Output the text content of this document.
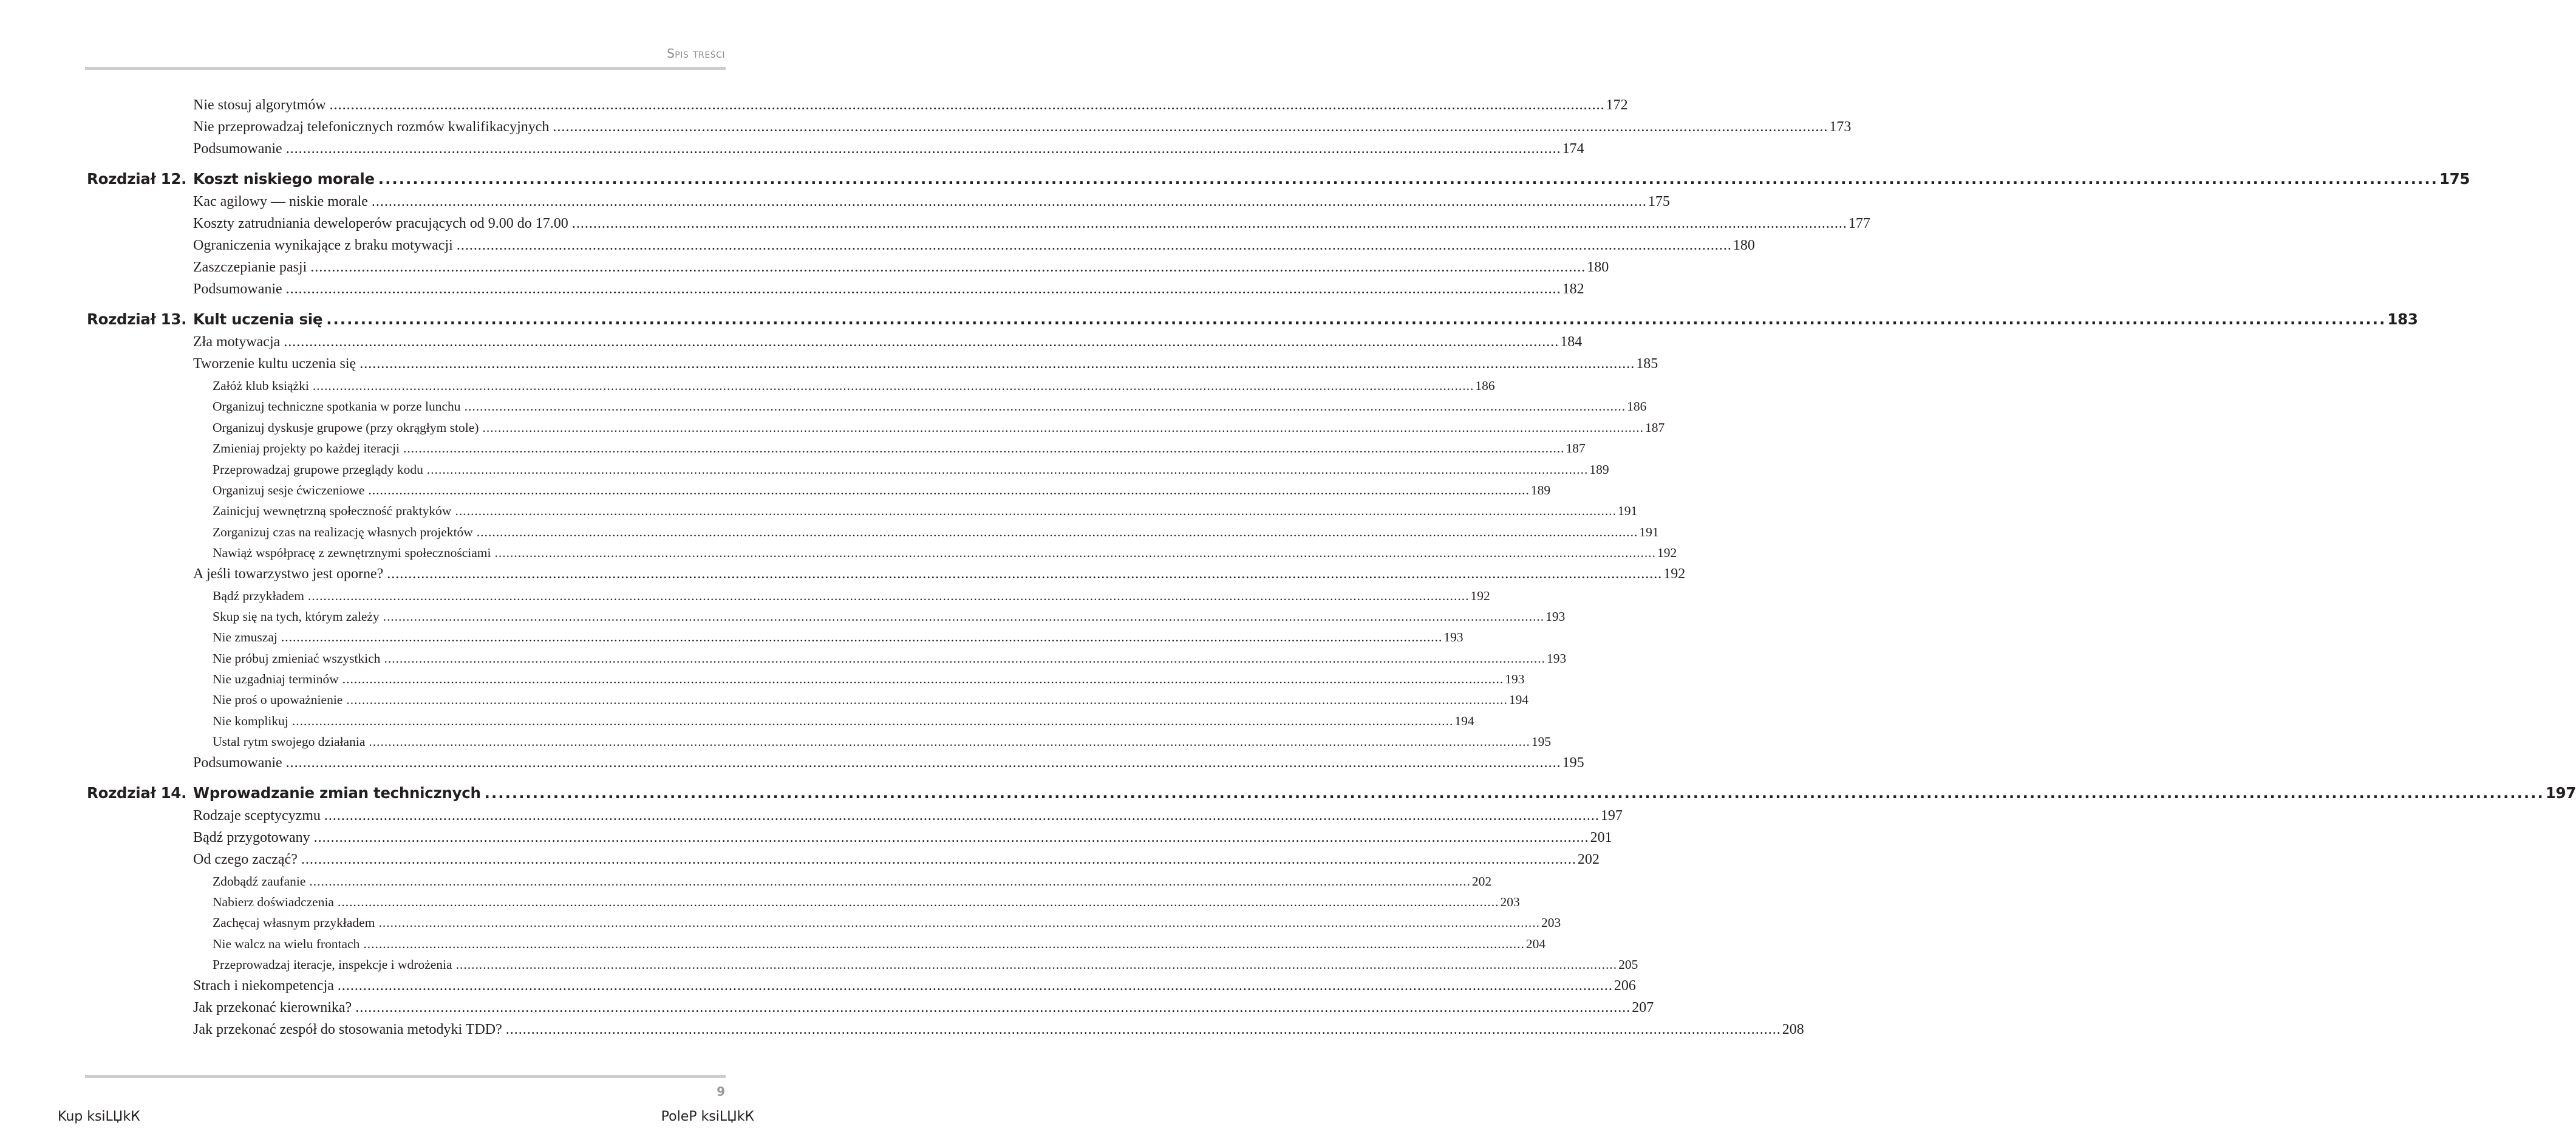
Spis treści
Nie stosuj algorytmów ............................................................................................................................................................................................................................................................................................................ 172
Nie przeprowadzaj telefonicznych rozmów kwalifikacyjnych ............................................................................................................................................................................................................................................................................................................ 173
Podsumowanie ............................................................................................................................................................................................................................................................................................................ 174
Rozdział 12. Koszt niskiego morale ............................................................................................................................................................................................................................................................................................................ 175
Kac agilowy — niskie morale ............................................................................................................................................................................................................................................................................................................ 175
Koszty zatrudniania deweloperów pracujących od 9.00 do 17.00 ............................................................................................................................................................................................................................................................................................................ 177
Ograniczenia wynikające z braku motywacji ............................................................................................................................................................................................................................................................................................................ 180
Zaszczepianie pasji ............................................................................................................................................................................................................................................................................................................ 180
Podsumowanie ............................................................................................................................................................................................................................................................................................................ 182
Rozdział 13. Kult uczenia się ............................................................................................................................................................................................................................................................................................................ 183
Zła motywacja ............................................................................................................................................................................................................................................................................................................ 184
Tworzenie kultu uczenia się ............................................................................................................................................................................................................................................................................................................ 185
Załóż klub książki ............................................................................................................................................................................................................................................................................................................ 186
Organizuj techniczne spotkania w porze lunchu ............................................................................................................................................................................................................................................................................................................ 186
Organizuj dyskusje grupowe (przy okrągłym stole) ............................................................................................................................................................................................................................................................................................................ 187
Zmieniaj projekty po każdej iteracji ............................................................................................................................................................................................................................................................................................................ 187
Przeprowadzaj grupowe przeglądy kodu ............................................................................................................................................................................................................................................................................................................ 189
Organizuj sesje ćwiczeniowe ............................................................................................................................................................................................................................................................................................................ 189
Zainicjuj wewnętrzną społeczność praktyków ............................................................................................................................................................................................................................................................................................................ 191
Zorganizuj czas na realizację własnych projektów ............................................................................................................................................................................................................................................................................................................ 191
Nawiąż współpracę z zewnętrznymi społecznościami ............................................................................................................................................................................................................................................................................................................ 192
A jeśli towarzystwo jest oporne? ............................................................................................................................................................................................................................................................................................................ 192
Bądź przykładem ............................................................................................................................................................................................................................................................................................................ 192
Skup się na tych, którym zależy ............................................................................................................................................................................................................................................................................................................ 193
Nie zmuszaj ............................................................................................................................................................................................................................................................................................................ 193
Nie próbuj zmieniać wszystkich ............................................................................................................................................................................................................................................................................................................ 193
Nie uzgadniaj terminów ............................................................................................................................................................................................................................................................................................................ 193
Nie proś o upoważnienie ............................................................................................................................................................................................................................................................................................................ 194
Nie komplikuj ............................................................................................................................................................................................................................................................................................................ 194
Ustal rytm swojego działania ............................................................................................................................................................................................................................................................................................................ 195
Podsumowanie ............................................................................................................................................................................................................................................................................................................ 195
Rozdział 14. Wprowadzanie zmian technicznych ............................................................................................................................................................................................................................................................................................................ 197
Rodzaje sceptycyzmu ............................................................................................................................................................................................................................................................................................................ 197
Bądź przygotowany ............................................................................................................................................................................................................................................................................................................ 201
Od czego zacząć? ............................................................................................................................................................................................................................................................................................................ 202
Zdobądź zaufanie ............................................................................................................................................................................................................................................................................................................ 202
Nabierz doświadczenia ............................................................................................................................................................................................................................................................................................................ 203
Zachęcaj własnym przykładem ............................................................................................................................................................................................................................................................................................................ 203
Nie walcz na wielu frontach ............................................................................................................................................................................................................................................................................................................ 204
Przeprowadzaj iteracje, inspekcje i wdrożenia ............................................................................................................................................................................................................................................................................................................ 205
Strach i niekompetencja ............................................................................................................................................................................................................................................................................................................ 206
Jak przekonać kierownika? ............................................................................................................................................................................................................................................................................................................ 207
Jak przekonać zespół do stosowania metodyki TDD? ............................................................................................................................................................................................................................................................................................................ 208
9
Kup ksiLЏkК	PoleР ksiLЏkК
